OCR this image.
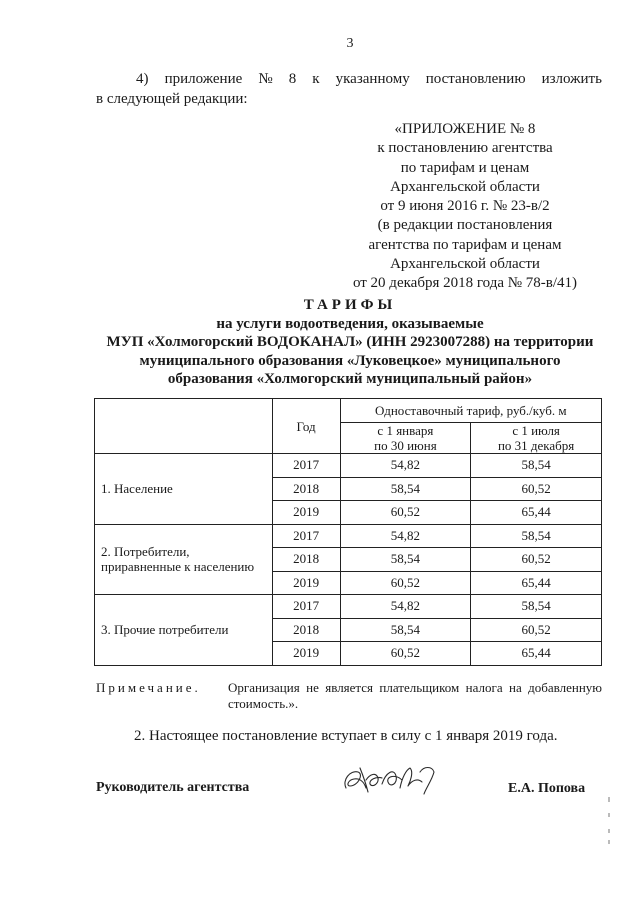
3
4) приложение № 8 к указанному постановлению изложить
в следующей редакции:
«ПРИЛОЖЕНИЕ № 8
к постановлению агентства
по тарифам и ценам
Архангельской области
от 9 июня 2016 г. № 23-в/2
(в редакции постановления
агентства по тарифам и ценам
Архангельской области
от 20 декабря 2018 года № 78-в/41)
ТАРИФЫ
на услуги водоотведения, оказываемые
МУП «Холмогорский ВОДОКАНАЛ» (ИНН 2923007288) на территории
муниципального образования «Луковецкое» муниципального
образования «Холмогорский муниципальный район»
	Год	Одноставочный тариф, руб./куб. м	
		с 1 января
по 30 июня	с 1 июля
по 31 декабря
1. Население	2017	54,82	58,54
	2018	58,54	60,52
	2019	60,52	65,44
2. Потребители,
приравненные к населению	2017	54,82	58,54
	2018	58,54	60,52
	2019	60,52	65,44
3. Прочие потребители	2017	54,82	58,54
	2018	58,54	60,52
	2019	60,52	65,44
Примечание. Организация не является плательщиком налога на добавленную стоимость.».
2. Настоящее постановление вступает в силу с 1 января 2019 года.
Руководитель агентства	Е.А. Попова
